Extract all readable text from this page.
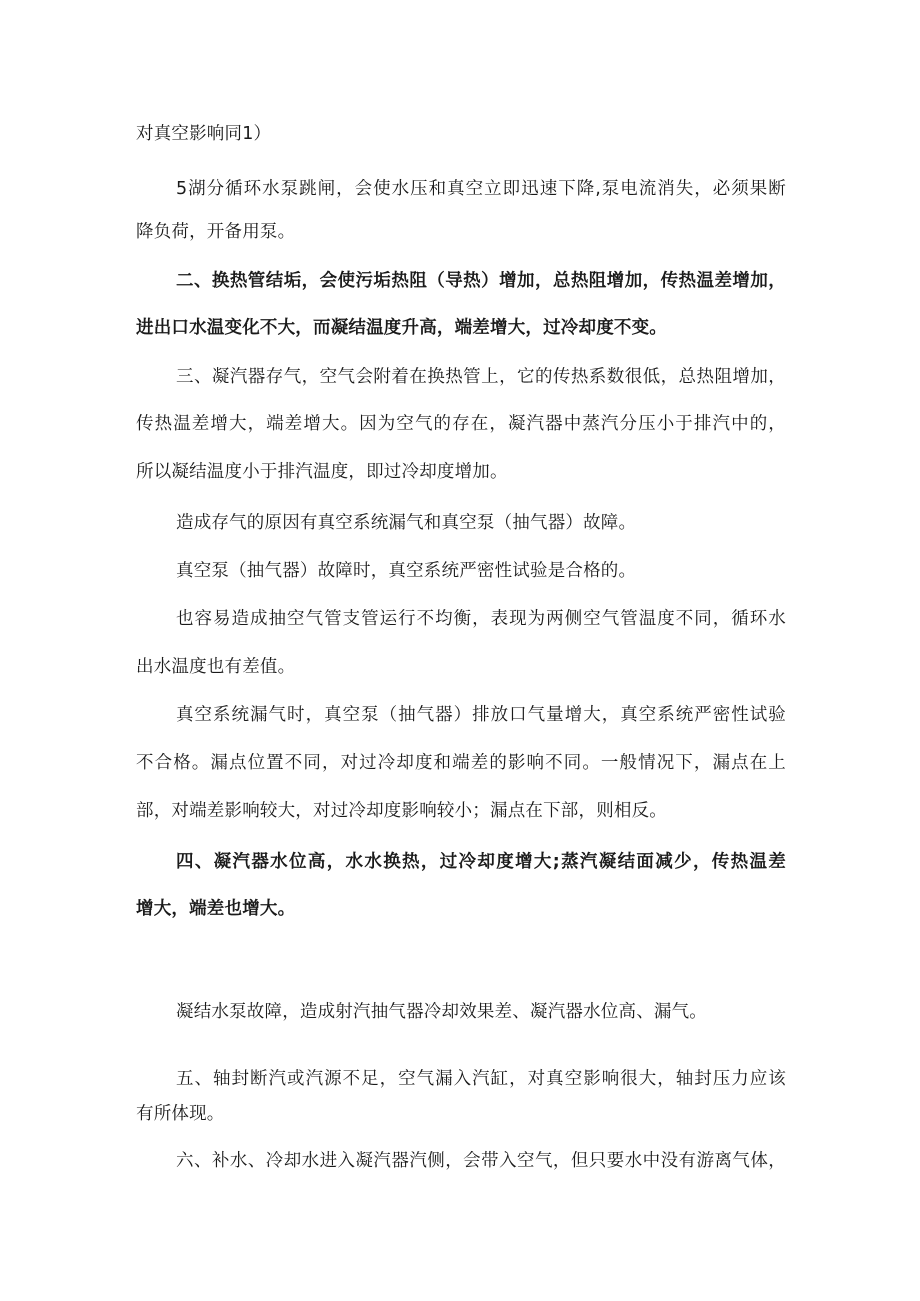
对真空影响同1）

5湖分循环水泵跳闸，会使水压和真空立即迅速下降,泵电流消失，必须果断

降负荷，开备用泵。

二、换热管结垢，会使污垢热阻（导热）增加，总热阻增加，传热温差增加，

进出口水温变化不大，而凝结温度升高，端差增大，过冷却度不变。

三、凝汽器存气，空气会附着在换热管上，它的传热系数很低，总热阻增加，

传热温差增大，端差增大。因为空气的存在，凝汽器中蒸汽分压小于排汽中的，

所以凝结温度小于排汽温度，即过冷却度增加。

造成存气的原因有真空系统漏气和真空泵（抽气器）故障。

真空泵（抽气器）故障时，真空系统严密性试验是合格的。

也容易造成抽空气管支管运行不均衡，表现为两侧空气管温度不同，循环水

出水温度也有差值。

真空系统漏气时，真空泵（抽气器）排放口气量增大，真空系统严密性试验

不合格。漏点位置不同，对过冷却度和端差的影响不同。一般情况下，漏点在上

部，对端差影响较大，对过冷却度影响较小；漏点在下部，则相反。

四、凝汽器水位高，水水换热，过冷却度增大;蒸汽凝结面减少，传热温差

增大，端差也增大。

凝结水泵故障，造成射汽抽气器冷却效果差、凝汽器水位高、漏气。

五、轴封断汽或汽源不足，空气漏入汽缸，对真空影响很大，轴封压力应该

有所体现。

六、补水、冷却水进入凝汽器汽侧，会带入空气，但只要水中没有游离气体，
